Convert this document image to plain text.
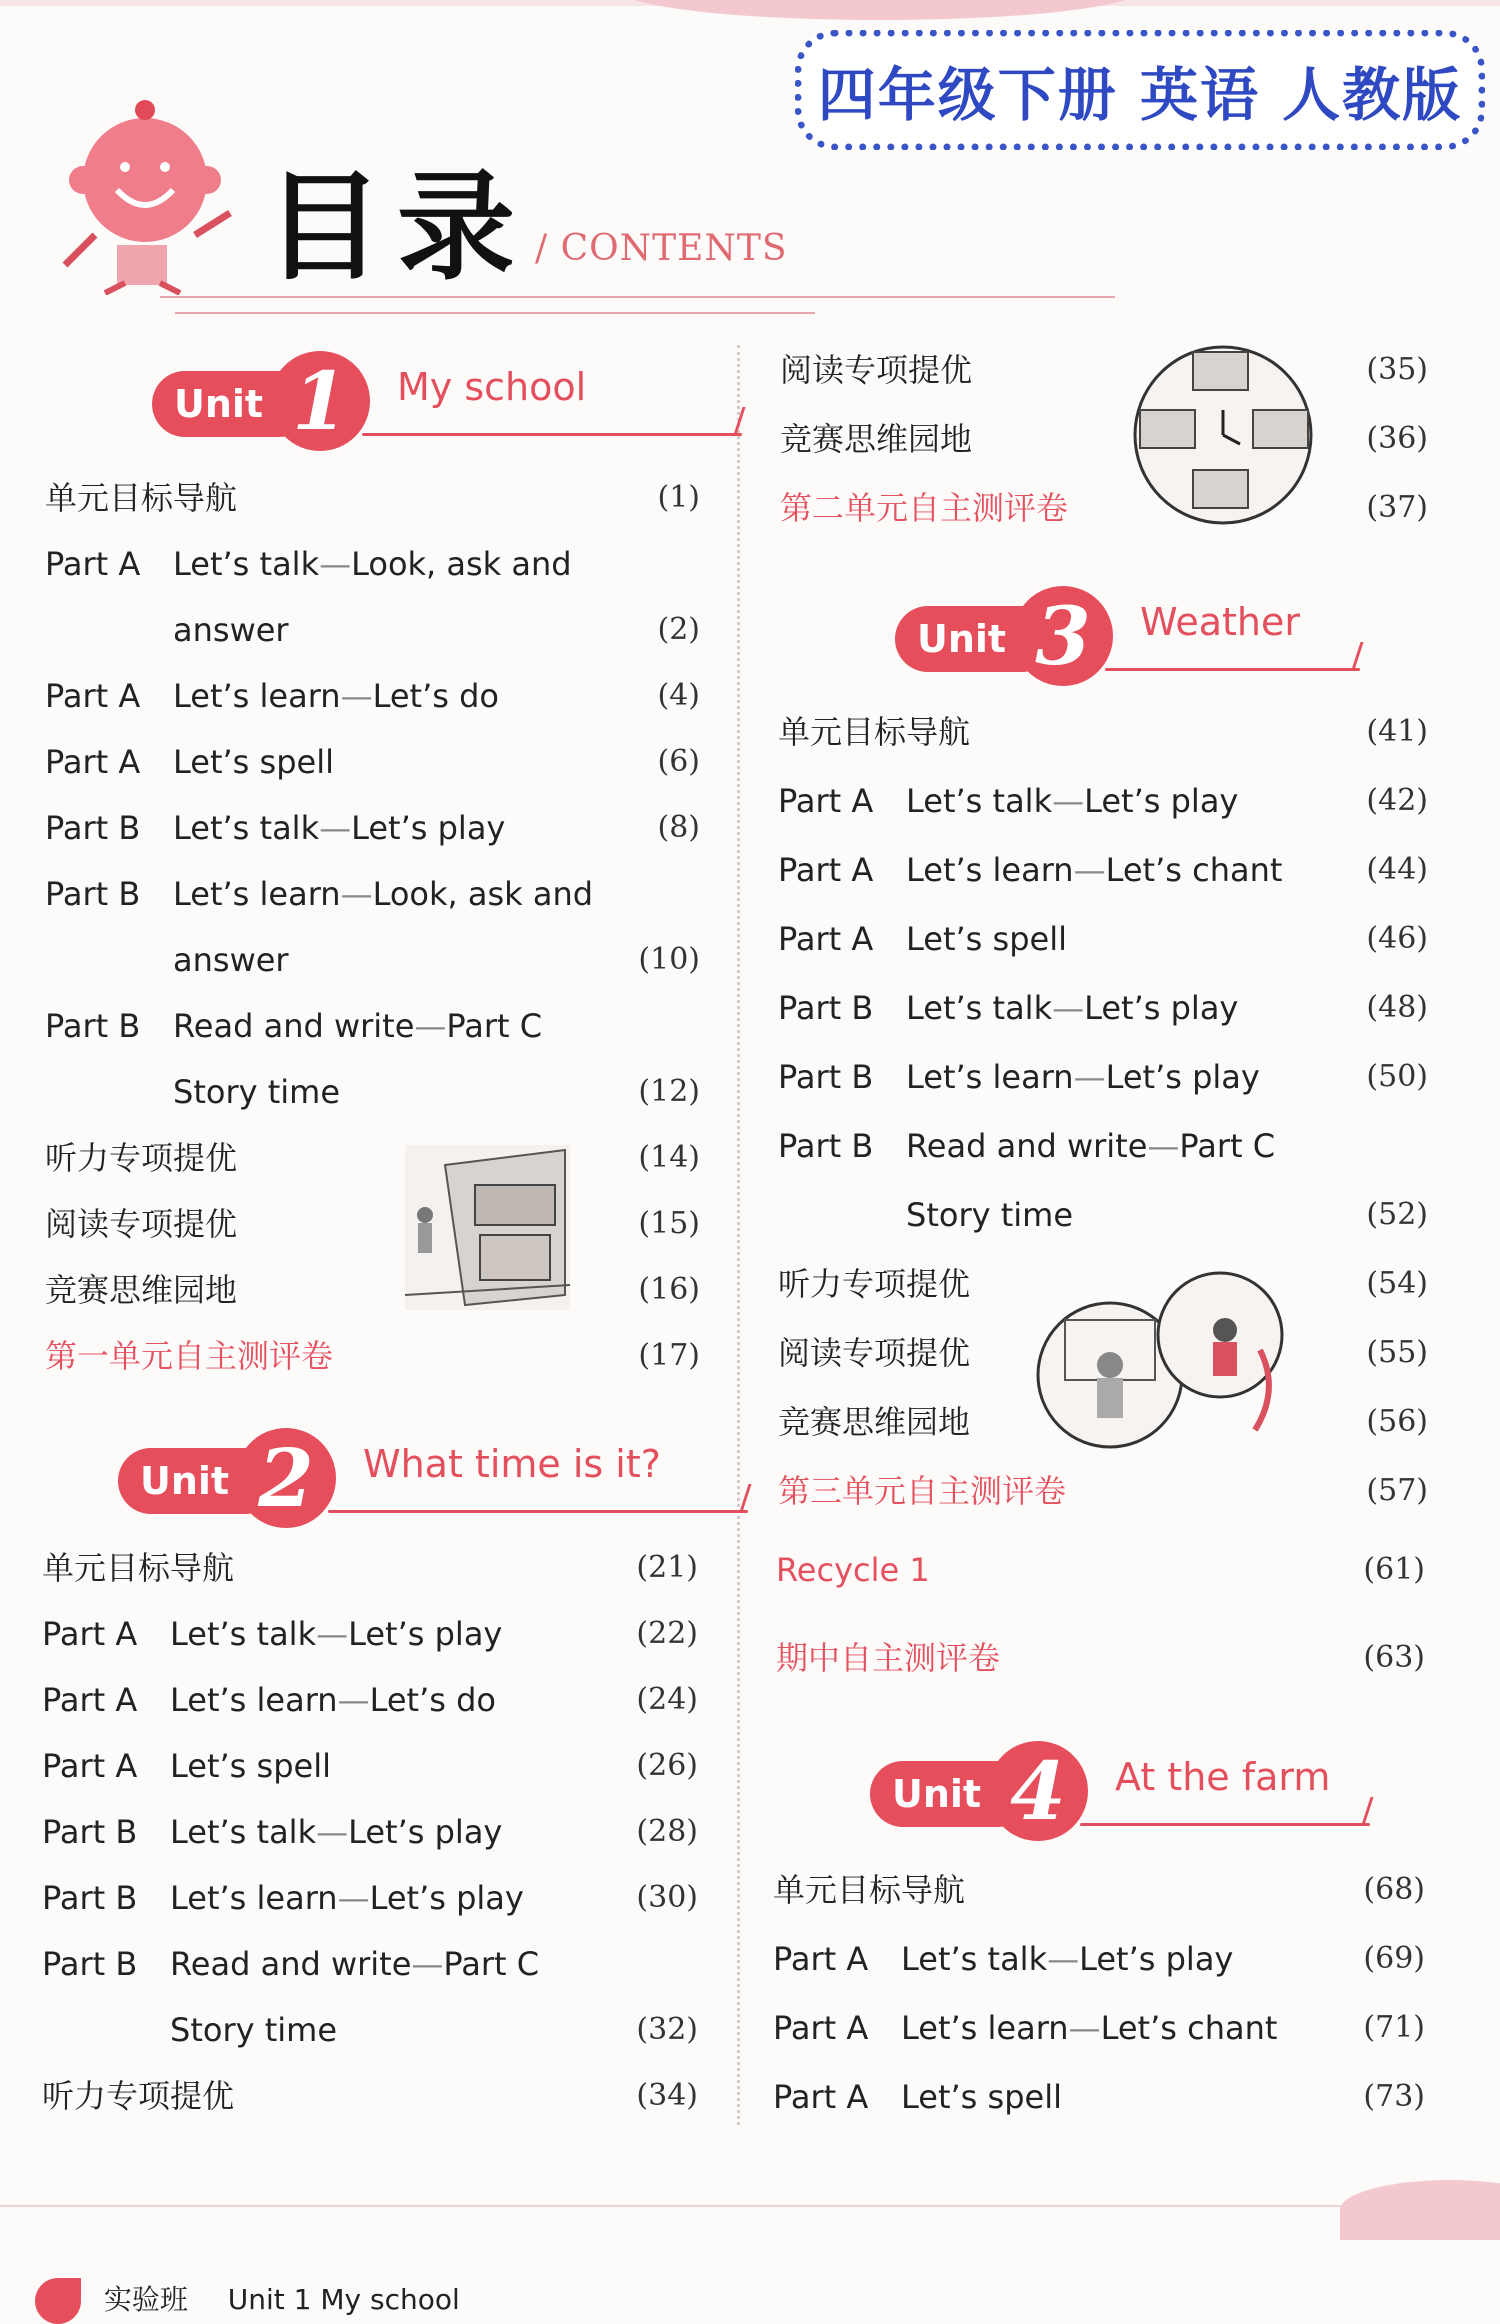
四年级下册 英语 人教版
目录 / CONTENTS
实验班 Unit 1 My school
Unit 1	My school
单元目标导航	(1)
Part A Let’s talk—Look, ask and
answer	(2)
Part A Let’s learn—Let’s do	(4)
Part A Let’s spell	(6)
Part B Let’s talk—Let’s play	(8)
Part B Let’s learn—Look, ask and
answer	(10)
Part B Read and write—Part C
Story time	(12)
听力专项提优	(14)
阅读专项提优	(15)
竞赛思维园地	(16)
第一单元自主测评卷	(17)
Unit 2	What time is it?
单元目标导航	(21)
Part A Let’s talk—Let’s play	(22)
Part A Let’s learn—Let’s do	(24)
Part A Let’s spell	(26)
Part B Let’s talk—Let’s play	(28)
Part B Let’s learn—Let’s play	(30)
Part B Read and write—Part C
Story time	(32)
听力专项提优	(34)
阅读专项提优	(35)
竞赛思维园地	(36)
第二单元自主测评卷	(37)
Unit 3	Weather
单元目标导航	(41)
Part A Let’s talk—Let’s play	(42)
Part A Let’s learn—Let’s chant	(44)
Part A Let’s spell	(46)
Part B Let’s talk—Let’s play	(48)
Part B Let’s learn—Let’s play	(50)
Part B Read and write—Part C
Story time	(52)
听力专项提优	(54)
阅读专项提优	(55)
竞赛思维园地	(56)
第三单元自主测评卷	(57)
Recycle 1	(61)
期中自主测评卷	(63)
Unit 4	At the farm
单元目标导航	(68)
Part A Let’s talk—Let’s play	(69)
Part A Let’s learn—Let’s chant	(71)
Part A Let’s spell	(73)
